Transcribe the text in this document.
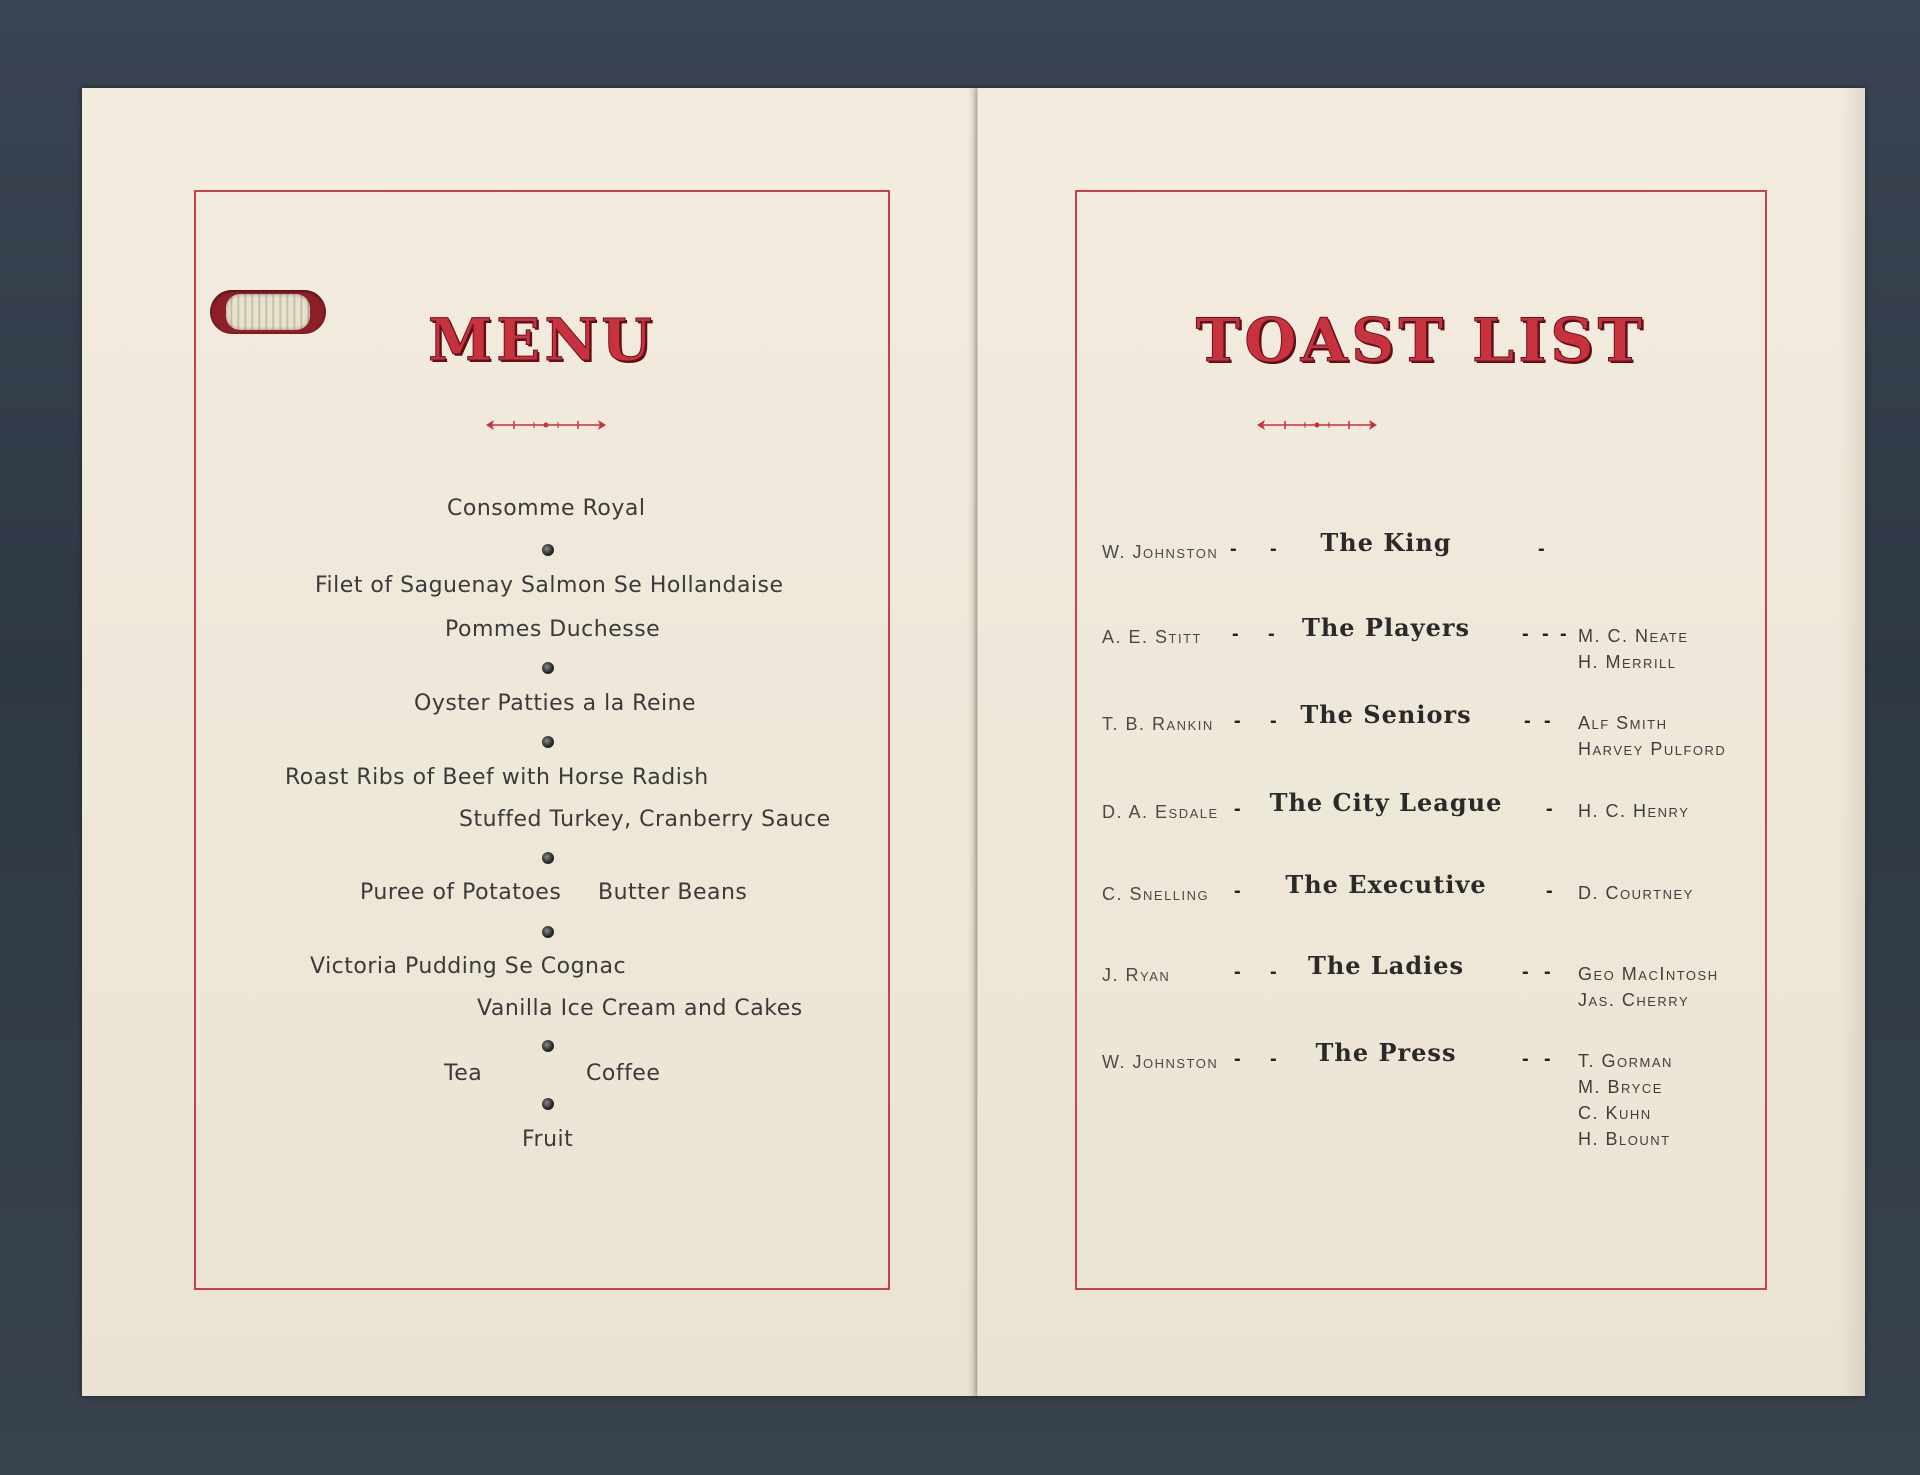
MENU
Consomme Royal
Filet of Saguenay Salmon Se Hollandaise
Pommes Duchesse
Oyster Patties a la Reine
Roast Ribs of Beef with Horse Radish
Stuffed Turkey, Cranberry Sauce
Puree of Potatoes Butter Beans
Victoria Pudding Se Cognac
Vanilla Ice Cream and Cakes
Tea	Coffee
Fruit
TOAST LIST
W. Johnston - -	The King	-
A. E. Stitt - -	The Players	- - - M. C. Neate
H. Merrill
T. B. Rankin - - The Seniors	- - Alf Smith
Harvey Pulford
D. A. Esdale -	The City League	- H. C. Henry
C. Snelling -	The Executive	- D. Courtney
J. Ryan	- -	The Ladies	- - Geo MacIntosh
Jas. Cherry
W. Johnston - -	The Press	- - T. Gorman
M. Bryce
C. Kuhn
H. Blount
